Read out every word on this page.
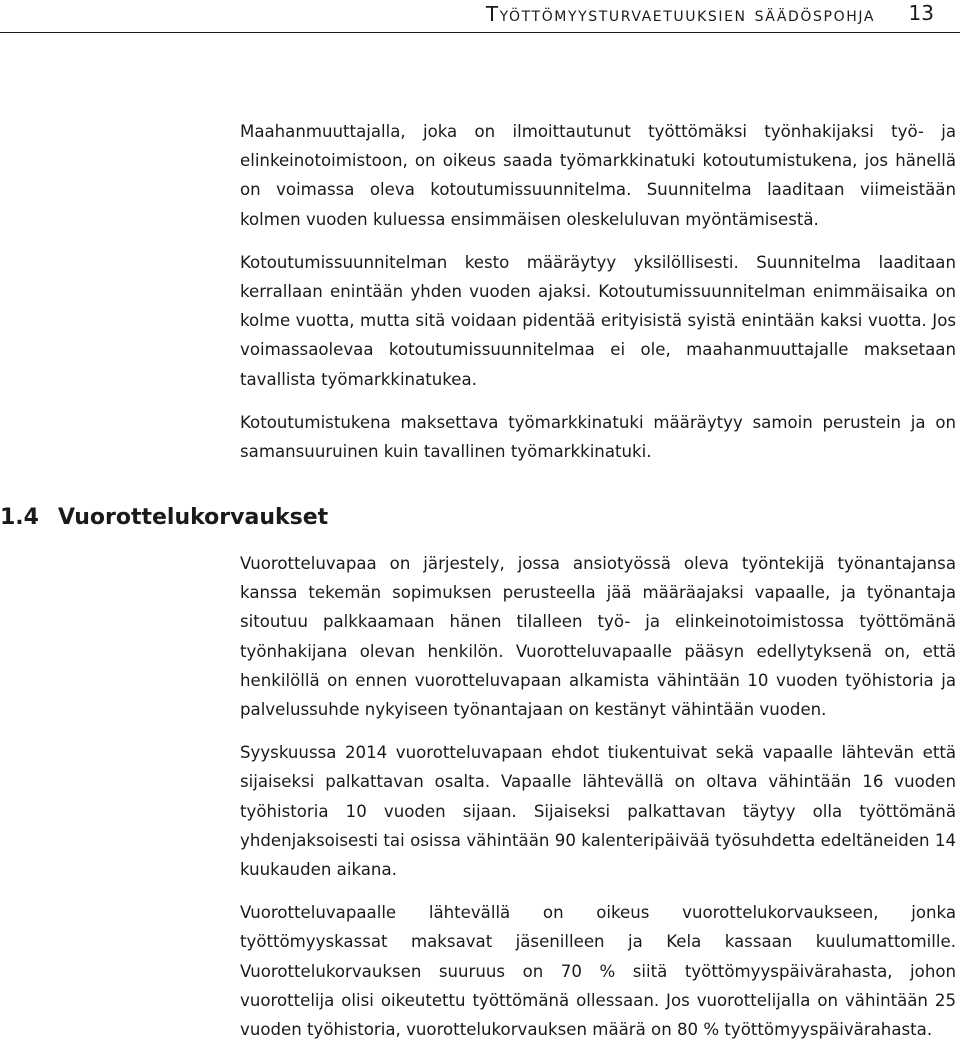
Työttömyysturvaetuuksien säädöspohja 13

Maahanmuuttajalla, joka on ilmoittautunut työttömäksi työnhakijaksi työ- ja elinkeinotoimistoon, on oikeus saada työmarkkinatuki kotoutumistukena, jos hänellä on voimassa oleva kotoutumissuunnitelma. Suunnitelma laaditaan viimeistään kolmen vuoden kuluessa ensimmäisen oleskeluluvan myöntämisestä.

Kotoutumissuunnitelman kesto määräytyy yksilöllisesti. Suunnitelma laaditaan kerrallaan enintään yhden vuoden ajaksi. Kotoutumissuunnitelman enimmäisaika on kolme vuotta, mutta sitä voidaan pidentää erityisistä syistä enintään kaksi vuotta. Jos voimassaolevaa kotoutumissuunnitelmaa ei ole, maahanmuuttajalle maksetaan tavallista työmarkkinatukea.

Kotoutumistukena maksettava työmarkkinatuki määräytyy samoin perustein ja on samansuuruinen kuin tavallinen työmarkkinatuki.

1.4 Vuorottelukorvaukset

Vuorotteluvapaa on järjestely, jossa ansiotyössä oleva työntekijä työnantajansa kanssa tekemän sopimuksen perusteella jää määräajaksi vapaalle, ja työnantaja sitoutuu palkkaamaan hänen tilalleen työ- ja elinkeinotoimistossa työttömänä työnhakijana olevan henkilön. Vuorotteluvapaalle pääsyn edellytyksenä on, että henkilöllä on ennen vuorotteluvapaan alkamista vähintään 10 vuoden työhistoria ja palvelussuhde nykyiseen työnantajaan on kestänyt vähintään vuoden.

Syyskuussa 2014 vuorotteluvapaan ehdot tiukentuivat sekä vapaalle lähtevän että sijaiseksi palkattavan osalta. Vapaalle lähtevällä on oltava vähintään 16 vuoden työhistoria 10 vuoden sijaan. Sijaiseksi palkattavan täytyy olla työttömänä yhdenjaksoisesti tai osissa vähintään 90 kalenteripäivää työsuhdetta edeltäneiden 14 kuukauden aikana.

Vuorotteluvapaalle lähtevällä on oikeus vuorottelukorvaukseen, jonka työttömyyskassat maksavat jäsenilleen ja Kela kassaan kuulumattomille. Vuorottelukorvauksen suuruus on 70 % siitä työttömyyspäivärahasta, johon vuorottelija olisi oikeutettu työttömänä ollessaan. Jos vuorottelijalla on vähintään 25 vuoden työhistoria, vuorottelukorvauksen määrä on 80 % työttömyyspäivärahasta.
